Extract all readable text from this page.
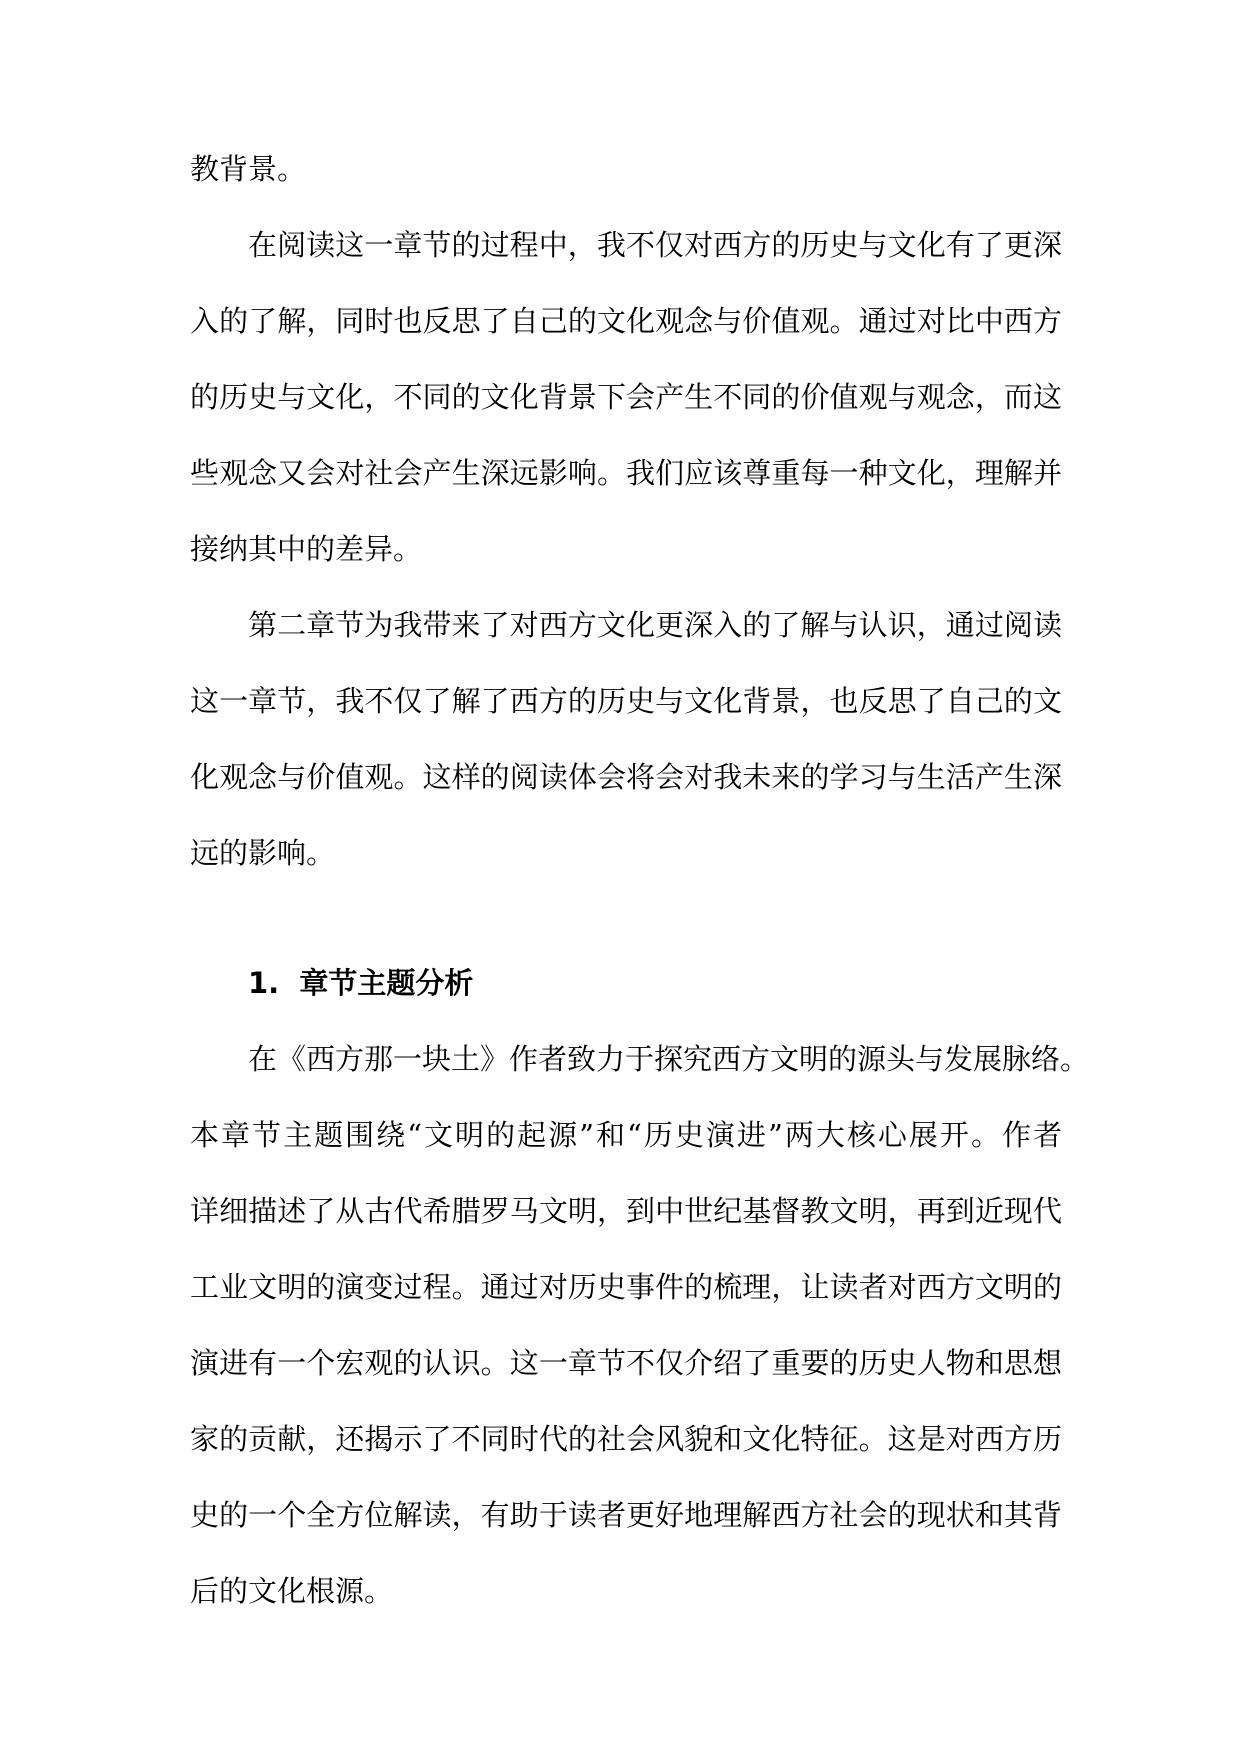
教背景。
在阅读这一章节的过程中，我不仅对西方的历史与文化有了更深
入的了解，同时也反思了自己的文化观念与价值观。通过对比中西方
的历史与文化，不同的文化背景下会产生不同的价值观与观念，而这
些观念又会对社会产生深远影响。我们应该尊重每一种文化，理解并
接纳其中的差异。
第二章节为我带来了对西方文化更深入的了解与认识，通过阅读
这一章节，我不仅了解了西方的历史与文化背景，也反思了自己的文
化观念与价值观。这样的阅读体会将会对我未来的学习与生活产生深
远的影响。
1.  章节主题分析
在《西方那一块土》作者致力于探究西方文明的源头与发展脉络。
本章节主题围绕“文明的起源”和“历史演进”两大核心展开。作者
详细描述了从古代希腊罗马文明，到中世纪基督教文明，再到近现代
工业文明的演变过程。通过对历史事件的梳理，让读者对西方文明的
演进有一个宏观的认识。这一章节不仅介绍了重要的历史人物和思想
家的贡献，还揭示了不同时代的社会风貌和文化特征。这是对西方历
史的一个全方位解读，有助于读者更好地理解西方社会的现状和其背
后的文化根源。
